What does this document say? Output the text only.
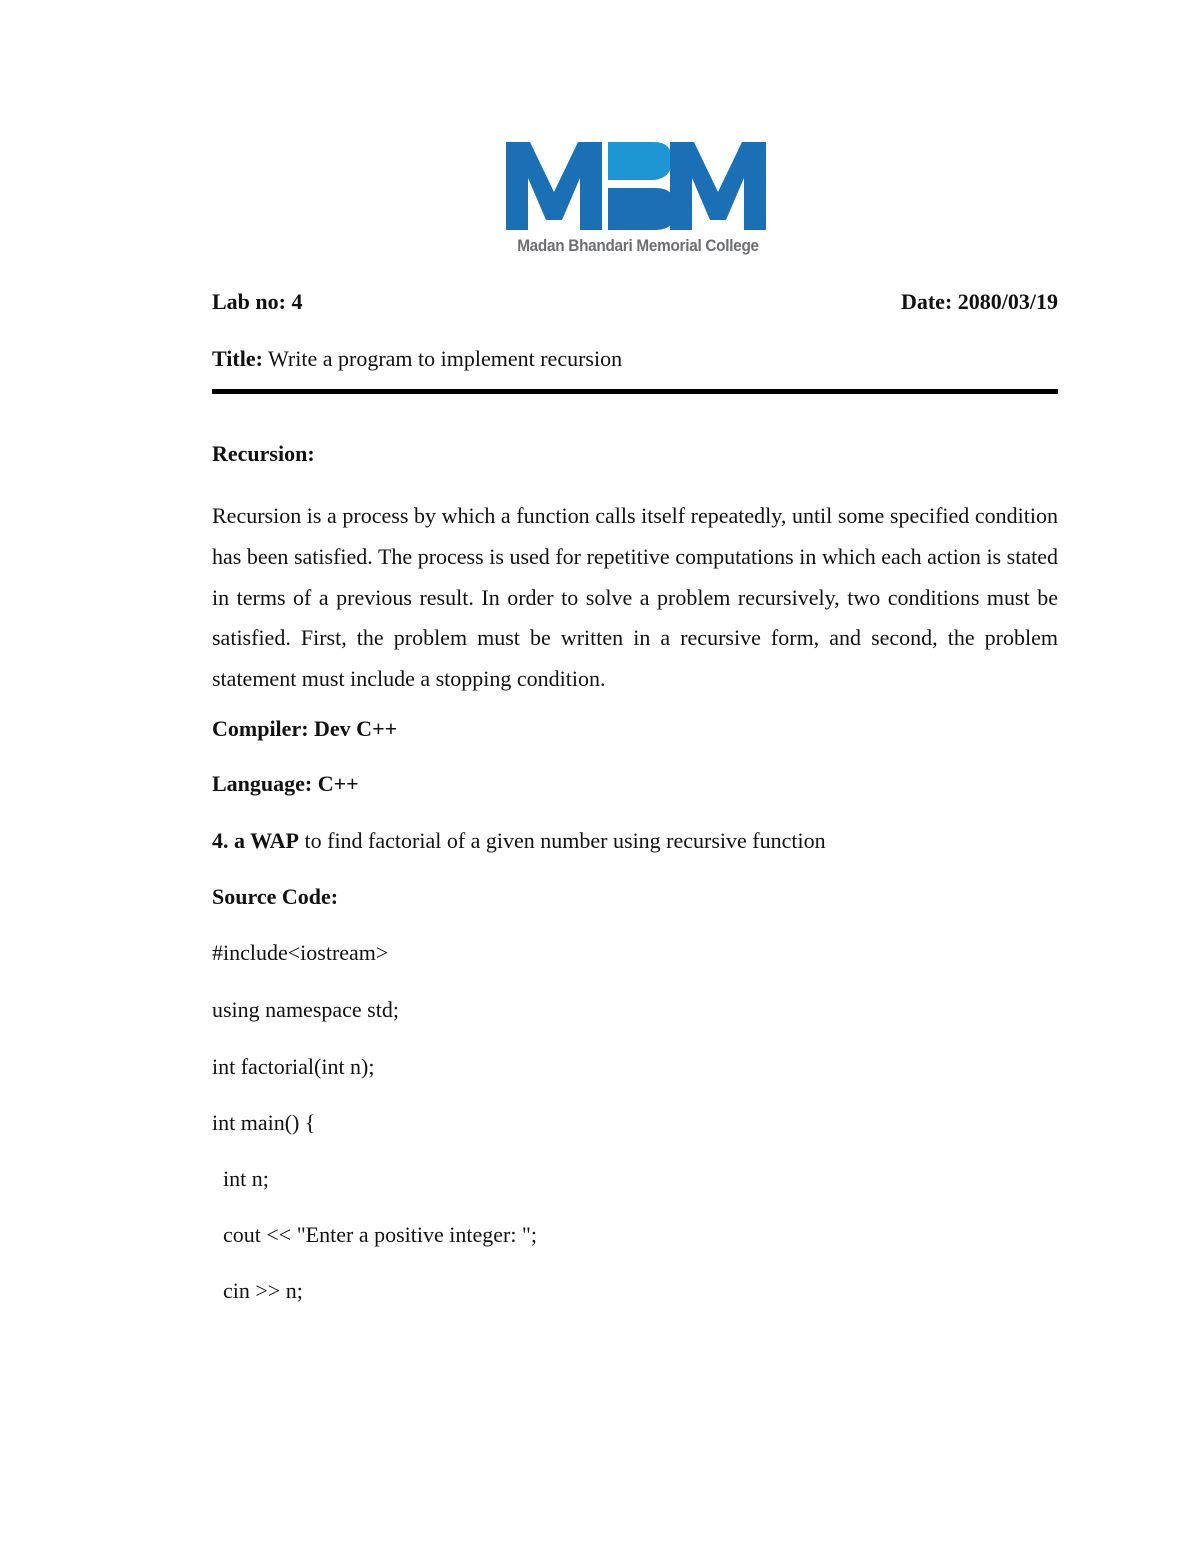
Madan Bhandari Memorial College
Lab no: 4	Date: 2080/03/19
Title: Write a program to implement recursion
Recursion:
Recursion is a process by which a function calls itself repeatedly, until some specified condition has been satisfied. The process is used for repetitive computations in which each action is stated in terms of a previous result. In order to solve a problem recursively, two conditions must be satisfied. First, the problem must be written in a recursive form, and second, the problem statement must include a stopping condition.
Compiler: Dev C++
Language: C++
4. a WAP to find factorial of a given number using recursive function
Source Code:
#include<iostream>
using namespace std;
int factorial(int n);
int main() {
int n;
cout << "Enter a positive integer: ";
cin >> n;
